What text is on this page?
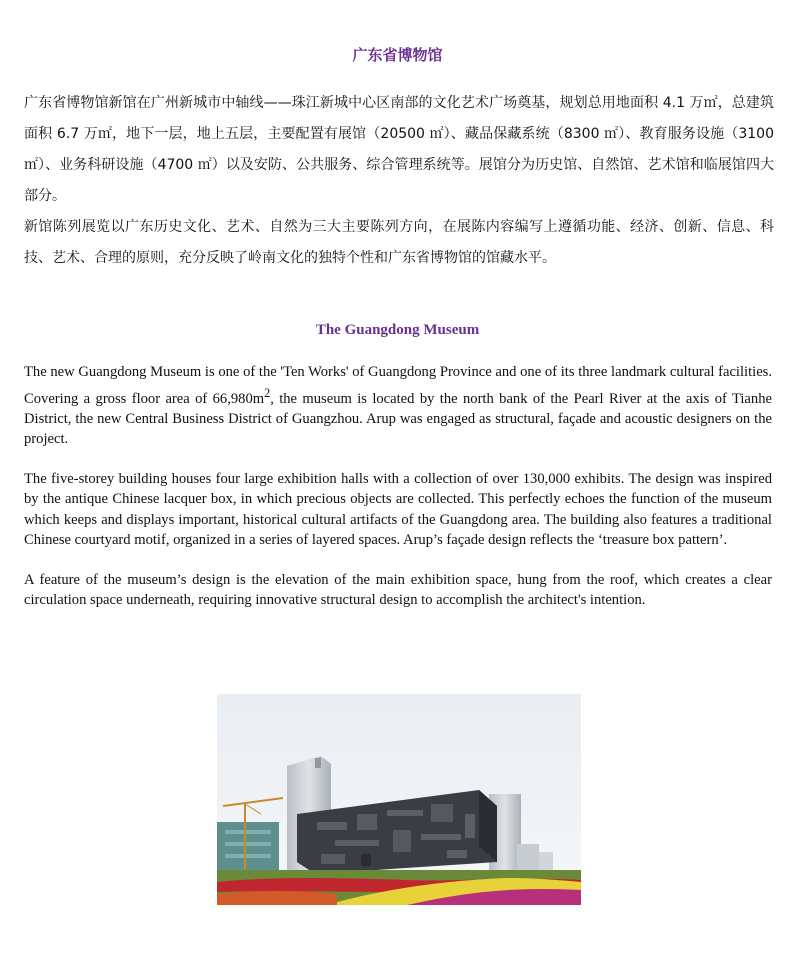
广东省博物馆

广东省博物馆新馆在广州新城市中轴线——珠江新城中心区南部的文化艺术广场奠基，规划总用地面积 4.1 万㎡，总建筑面积 6.7 万㎡，地下一层，地上五层，主要配置有展馆（20500 ㎡）、藏品保藏系统（8300 ㎡）、教育服务设施（3100 ㎡）、业务科研设施（4700 ㎡）以及安防、公共服务、综合管理系统等。展馆分为历史馆、自然馆、艺术馆和临展馆四大部分。

新馆陈列展览以广东历史文化、艺术、自然为三大主要陈列方向，在展陈内容编写上遵循功能、经济、创新、信息、科技、艺术、合理的原则，充分反映了岭南文化的独特个性和广东省博物馆的馆藏水平。

The Guangdong Museum

The new Guangdong Museum is one of the 'Ten Works' of Guangdong Province and one of its three landmark cultural facilities. Covering a gross floor area of $66,980m^2$, the museum is located by the north bank of the Pearl River at the axis of Tianhe District, the new Central Business District of Guangzhou. Arup was engaged as structural, façade and acoustic designers on the project.

The five-storey building houses four large exhibition halls with a collection of over 130,000 exhibits. The design was inspired by the antique Chinese lacquer box, in which precious objects are collected. This perfectly echoes the function of the museum which keeps and displays important, historical cultural artifacts of the Guangdong area. The building also features a traditional Chinese courtyard motif, organized in a series of layered spaces. Arup’s façade design reflects the ‘treasure box pattern’.

A feature of the museum’s design is the elevation of the main exhibition space, hung from the roof, which creates a clear circulation space underneath, requiring innovative structural design to accomplish the architect's intention.
